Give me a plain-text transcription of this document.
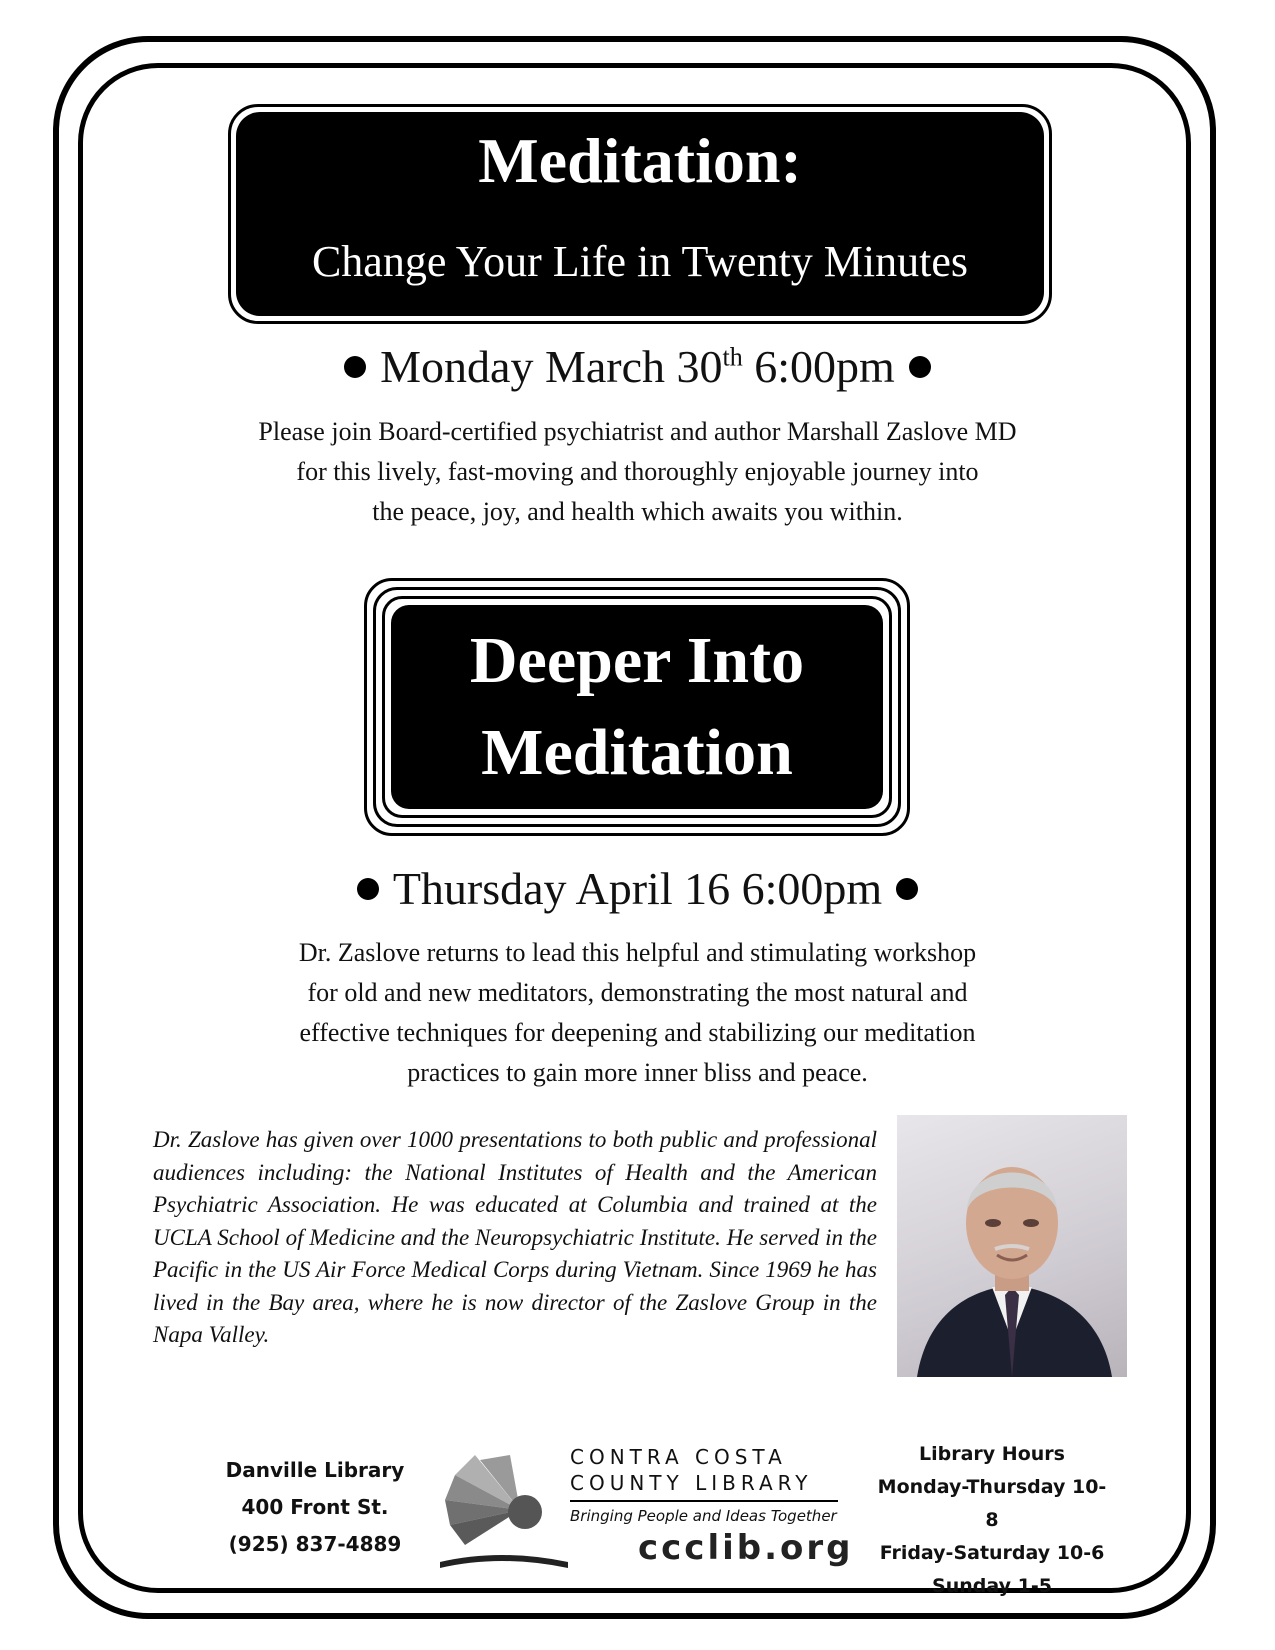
Meditation:
Change Your Life in Twenty Minutes
Monday March 30th 6:00pm
Please join Board-certified psychiatrist and author Marshall Zaslove MD
for this lively, fast-moving and thoroughly enjoyable journey into
the peace, joy, and health which awaits you within.
Deeper Into
Meditation
Thursday April 16 6:00pm
Dr. Zaslove returns to lead this helpful and stimulating workshop
for old and new meditators, demonstrating the most natural and
effective techniques for deepening and stabilizing our meditation
practices to gain more inner bliss and peace.
Dr. Zaslove has given over 1000 presentations to both public and professional audiences including: the National Institutes of Health and the American Psychiatric Association. He was educated at Columbia and trained at the UCLA School of Medicine and the Neuropsychiatric Institute. He served in the Pacific in the US Air Force Medical Corps during Vietnam. Since 1969 he has lived in the Bay area, where he is now director of the Zaslove Group in the Napa Valley.
Danville Library
400 Front St.
(925) 837-4889
CONTRA COSTA
COUNTY LIBRARY
Bringing People and Ideas Together
ccclib.org
Library Hours
Monday-Thursday 10-8
Friday-Saturday 10-6
Sunday 1-5
